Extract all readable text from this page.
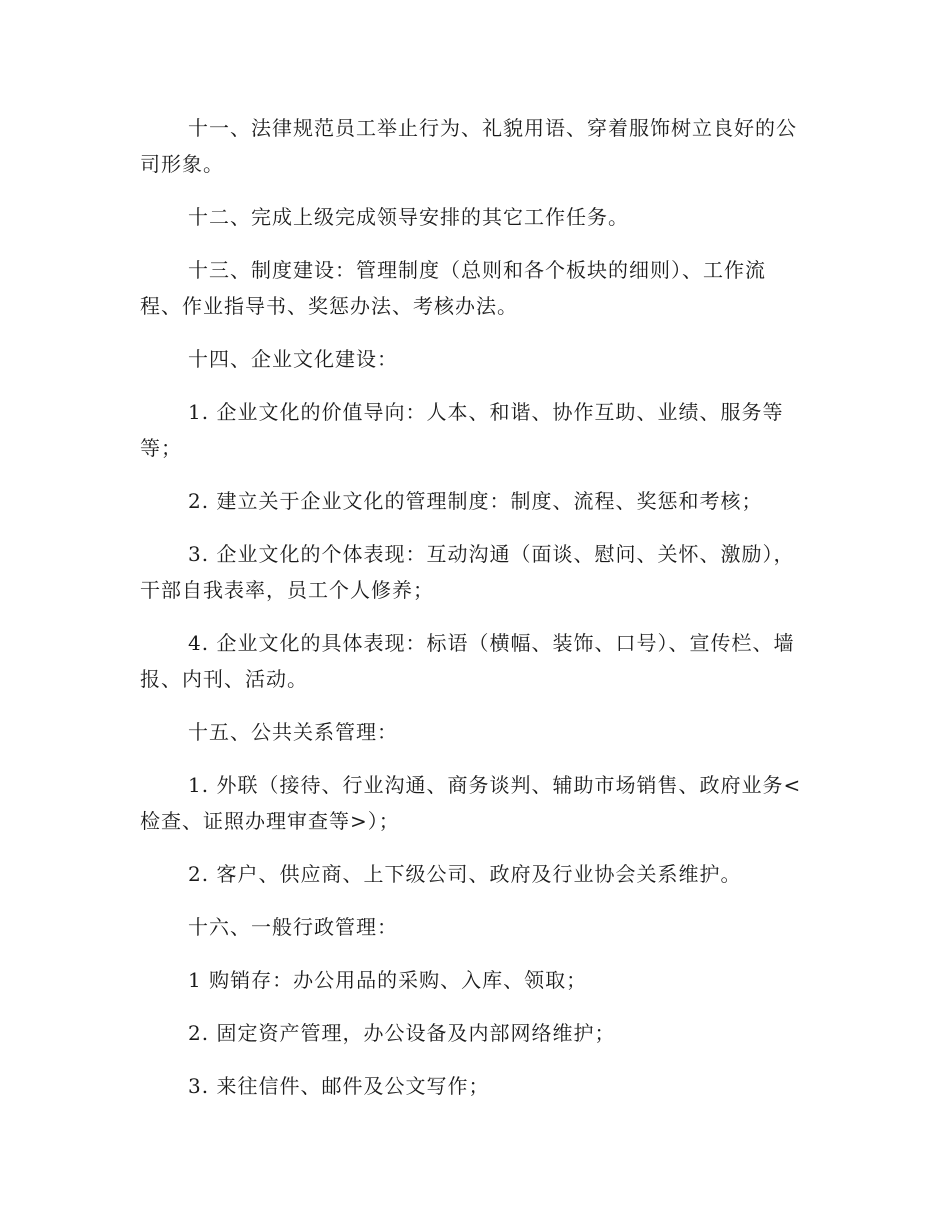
十一、法律规范员工举止行为、礼貌用语、穿着服饰树立良好的公司形象。

十二、完成上级完成领导安排的其它工作任务。

十三、制度建设：管理制度（总则和各个板块的细则）、工作流程、作业指导书、奖惩办法、考核办法。

十四、企业文化建设：

1. 企业文化的价值导向：人本、和谐、协作互助、业绩、服务等等；

2. 建立关于企业文化的管理制度：制度、流程、奖惩和考核；

3. 企业文化的个体表现：互动沟通（面谈、慰问、关怀、激励），干部自我表率，员工个人修养；

4. 企业文化的具体表现：标语（横幅、装饰、口号）、宣传栏、墙报、内刊、活动。

十五、公共关系管理：

1. 外联（接待、行业沟通、商务谈判、辅助市场销售、政府业务<检查、证照办理审查等>）；

2. 客户、供应商、上下级公司、政府及行业协会关系维护。

十六、一般行政管理：

1 购销存：办公用品的采购、入库、领取；

2. 固定资产管理，办公设备及内部网络维护；

3. 来往信件、邮件及公文写作；
